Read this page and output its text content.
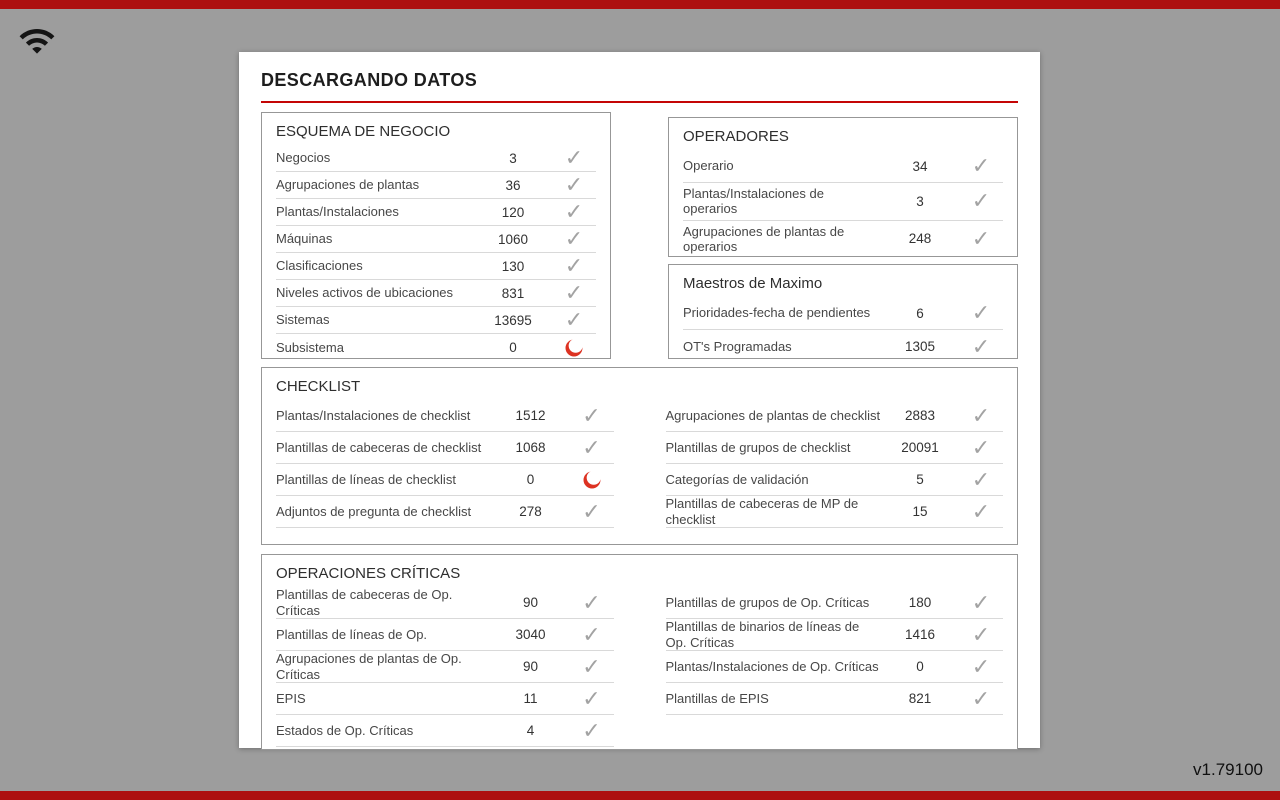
DESCARGANDO DATOS
ESQUEMA DE NEGOCIO
Negocios	3
✓
Agrupaciones de plantas	36
✓
Plantas/Instalaciones	120
✓
Máquinas	1060
✓
Clasificaciones	130
✓
Niveles activos de ubicaciones	831
✓
Sistemas	13695
✓
Subsistema	0
OPERADORES
Operario	34
✓
Plantas/Instalaciones de operarios	3
✓
Agrupaciones de plantas de operarios	248
✓
Maestros de Maximo
Prioridades-fecha de pendientes	6
✓
OT's Programadas	1305
✓
CHECKLIST
Plantas/Instalaciones de checklist	1512
✓
Plantillas de cabeceras de checklist	1068
✓
Plantillas de líneas de checklist	0
Adjuntos de pregunta de checklist	278
✓
Agrupaciones de plantas de checklist	2883
✓
Plantillas de grupos de checklist	20091
✓
Categorías de validación	5
✓
Plantillas de cabeceras de MP de checklist	15
✓
OPERACIONES CRÍTICAS
Plantillas de cabeceras de Op. Críticas	90
✓
Plantillas de líneas de Op.	3040
✓
Agrupaciones de plantas de Op. Críticas	90
✓
EPIS	11
✓
Estados de Op. Críticas	4
✓
Plantillas de grupos de Op. Críticas	180
✓
Plantillas de binarios de líneas de Op. Críticas	1416
✓
Plantas/Instalaciones de Op. Críticas	0
✓
Plantillas de EPIS	821
✓
v1.79100
